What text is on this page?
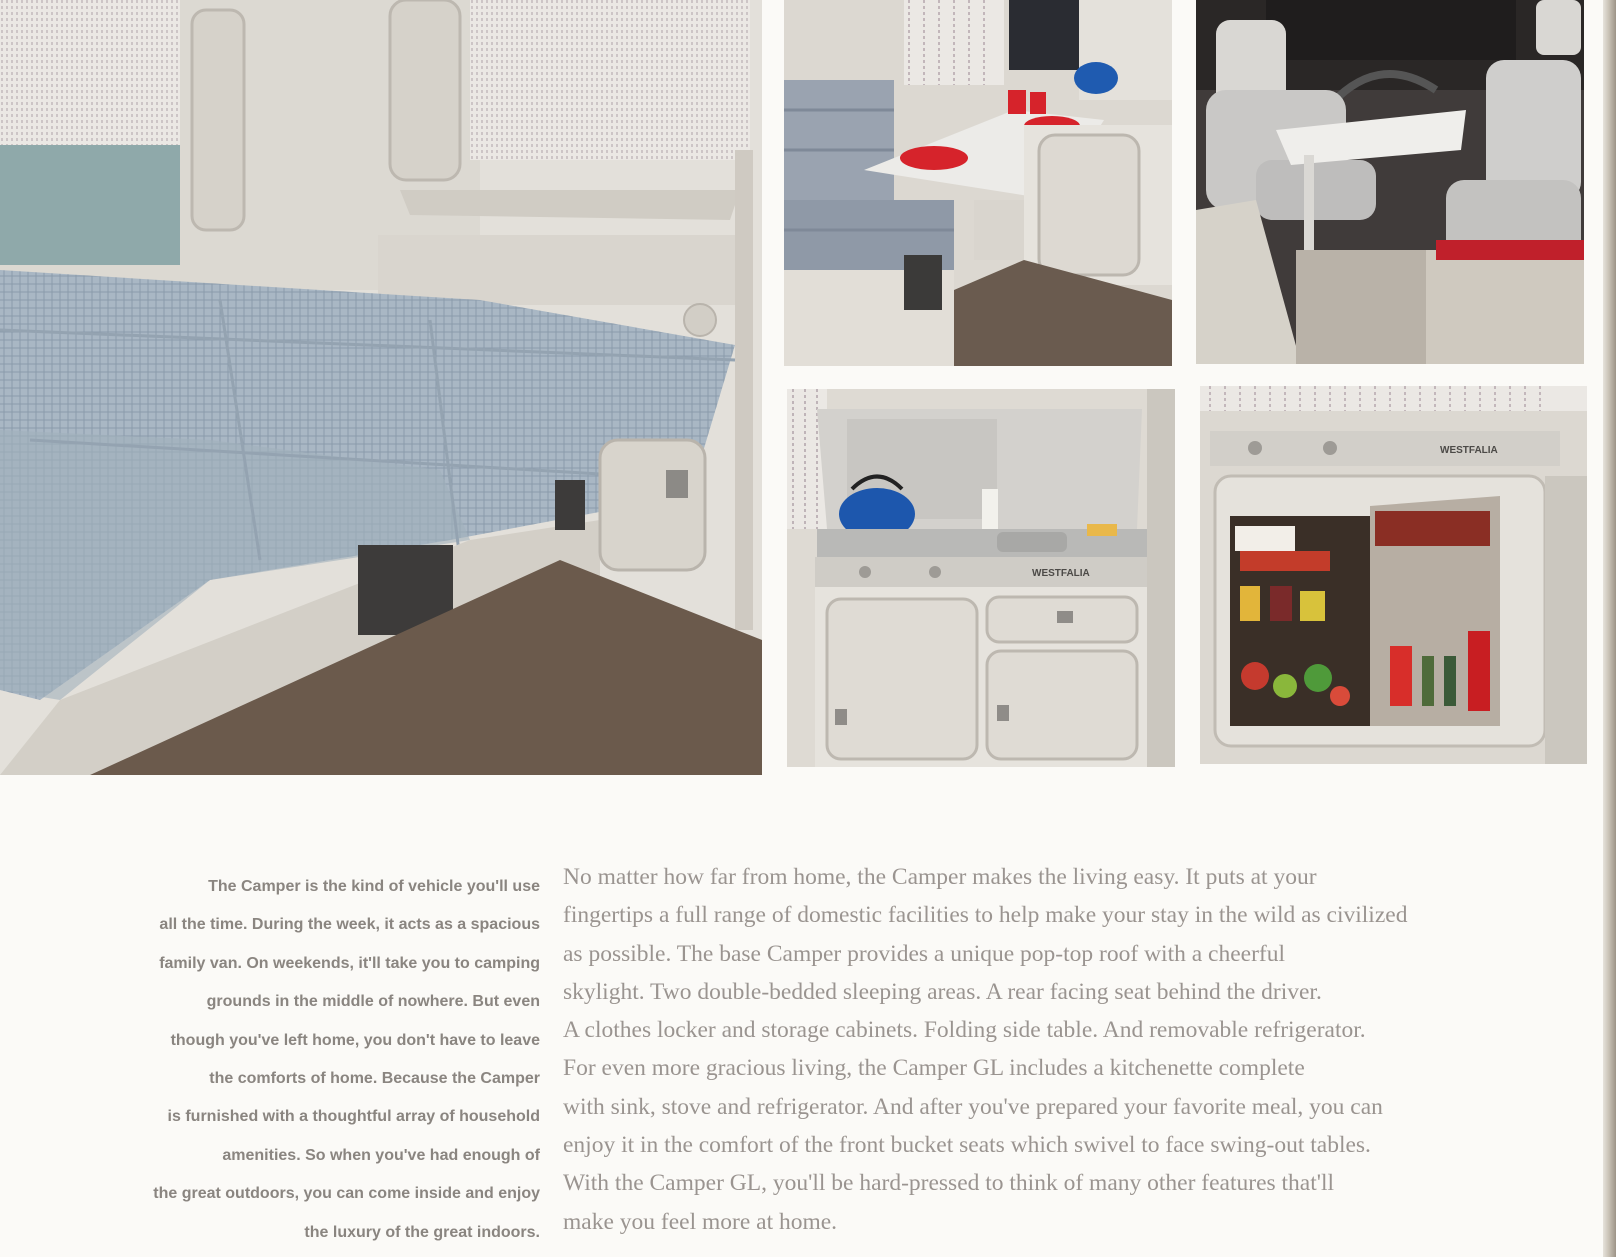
WESTFALIA
WESTFALIA
The Camper is the kind of vehicle you'll use
all the time. During the week, it acts as a spacious
family van. On weekends, it'll take you to camping
grounds in the middle of nowhere. But even
though you've left home, you don't have to leave
the comforts of home. Because the Camper
is furnished with a thoughtful array of household
amenities. So when you've had enough of
the great outdoors, you can come inside and enjoy
the luxury of the great indoors.
No matter how far from home, the Camper makes the living easy. It puts at your
fingertips a full range of domestic facilities to help make your stay in the wild as civilized
as possible. The base Camper provides a unique pop-top roof with a cheerful
skylight. Two double-bedded sleeping areas. A rear facing seat behind the driver.
A clothes locker and storage cabinets. Folding side table. And removable refrigerator.
For even more gracious living, the Camper GL includes a kitchenette complete
with sink, stove and refrigerator. And after you've prepared your favorite meal, you can
enjoy it in the comfort of the front bucket seats which swivel to face swing-out tables.
With the Camper GL, you'll be hard-pressed to think of many other features that'll
make you feel more at home.
